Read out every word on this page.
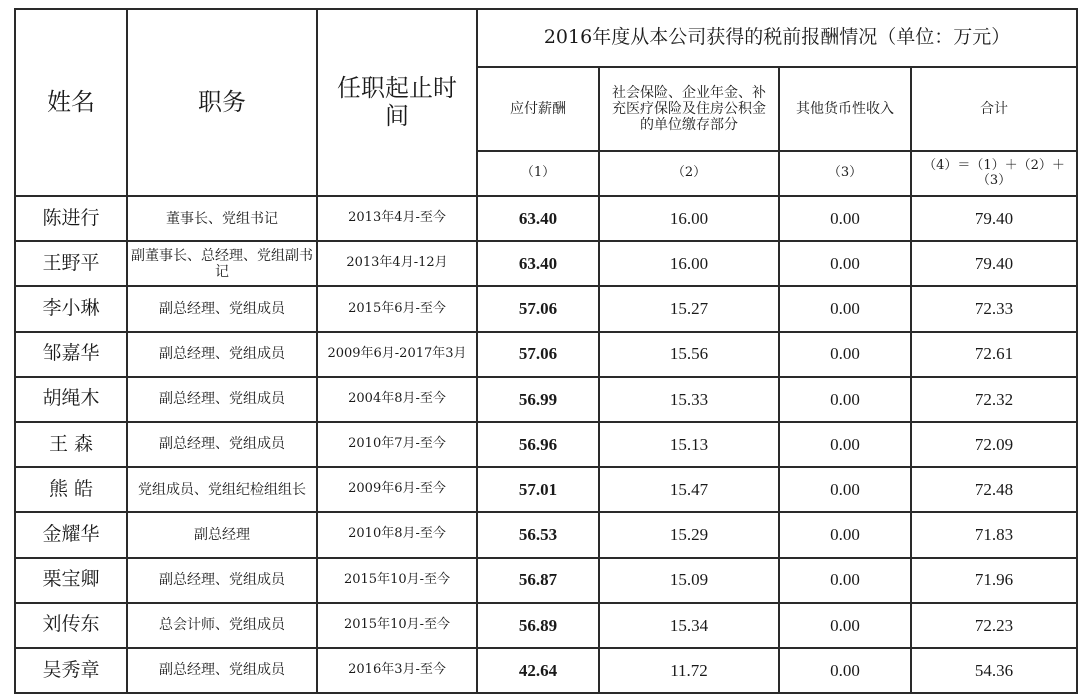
姓名	职务	任职起止时间	2016年度从本公司获得的税前报酬情况（单位：万元）			
			应付薪酬	社会保险、企业年金、补充医疗保险及住房公积金的单位缴存部分	其他货币性收入	合计
			（1）	（2）	（3）	（4）＝（1）＋（2）＋（3）
陈进行	董事长、党组书记	2013年4月-至今	63.40	16.00	0.00	79.40
王野平	副董事长、总经理、党组副书记	2013年4月-12月	63.40	16.00	0.00	79.40
李小琳	副总经理、党组成员	2015年6月-至今	57.06	15.27	0.00	72.33
邹嘉华	副总经理、党组成员	2009年6月-2017年3月	57.06	15.56	0.00	72.61
胡绳木	副总经理、党组成员	2004年8月-至今	56.99	15.33	0.00	72.32
王 森	副总经理、党组成员	2010年7月-至今	56.96	15.13	0.00	72.09
熊 皓	党组成员、党组纪检组组长	2009年6月-至今	57.01	15.47	0.00	72.48
金耀华	副总经理	2010年8月-至今	56.53	15.29	0.00	71.83
栗宝卿	副总经理、党组成员	2015年10月-至今	56.87	15.09	0.00	71.96
刘传东	总会计师、党组成员	2015年10月-至今	56.89	15.34	0.00	72.23
吴秀章	副总经理、党组成员	2016年3月-至今	42.64	11.72	0.00	54.36
